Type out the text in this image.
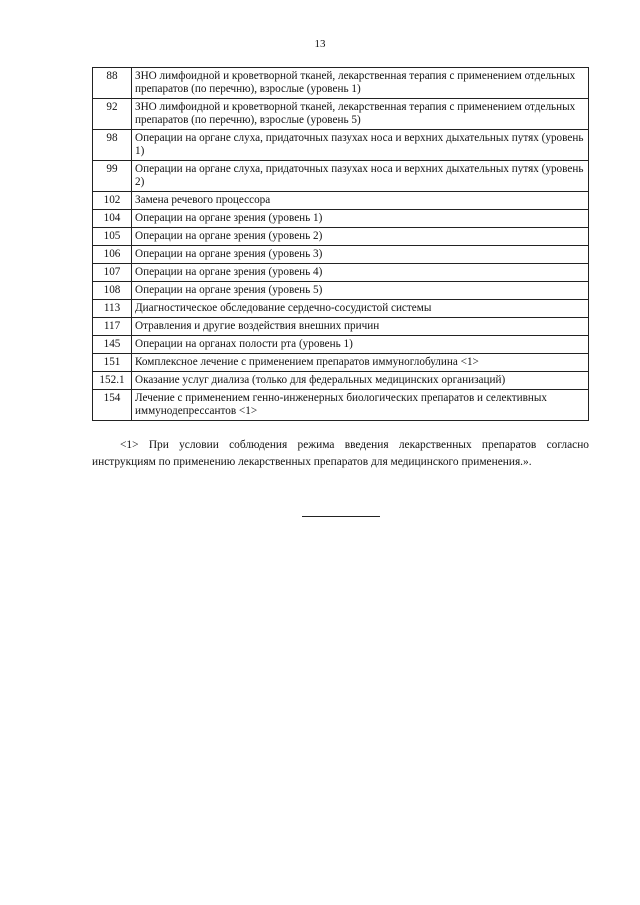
13
88	ЗНО лимфоидной и кроветворной тканей, лекарственная терапия с применением отдельных препаратов (по перечню), взрослые (уровень 1)
92	ЗНО лимфоидной и кроветворной тканей, лекарственная терапия с применением отдельных препаратов (по перечню), взрослые (уровень 5)
98	Операции на органе слуха, придаточных пазухах носа и верхних дыхательных путях (уровень 1)
99	Операции на органе слуха, придаточных пазухах носа и верхних дыхательных путях (уровень 2)
102	Замена речевого процессора
104	Операции на органе зрения (уровень 1)
105	Операции на органе зрения (уровень 2)
106	Операции на органе зрения (уровень 3)
107	Операции на органе зрения (уровень 4)
108	Операции на органе зрения (уровень 5)
113	Диагностическое обследование сердечно-сосудистой системы
117	Отравления и другие воздействия внешних причин
145	Операции на органах полости рта (уровень 1)
151	Комплексное лечение с применением препаратов иммуноглобулина <1>
152.1	Оказание услуг диализа (только для федеральных медицинских организаций)
154	Лечение с применением генно-инженерных биологических препаратов и селективных иммунодепрессантов <1>
<1> При условии соблюдения режима введения лекарственных препаратов согласно инструкциям по применению лекарственных препаратов для медицинского применения.».
